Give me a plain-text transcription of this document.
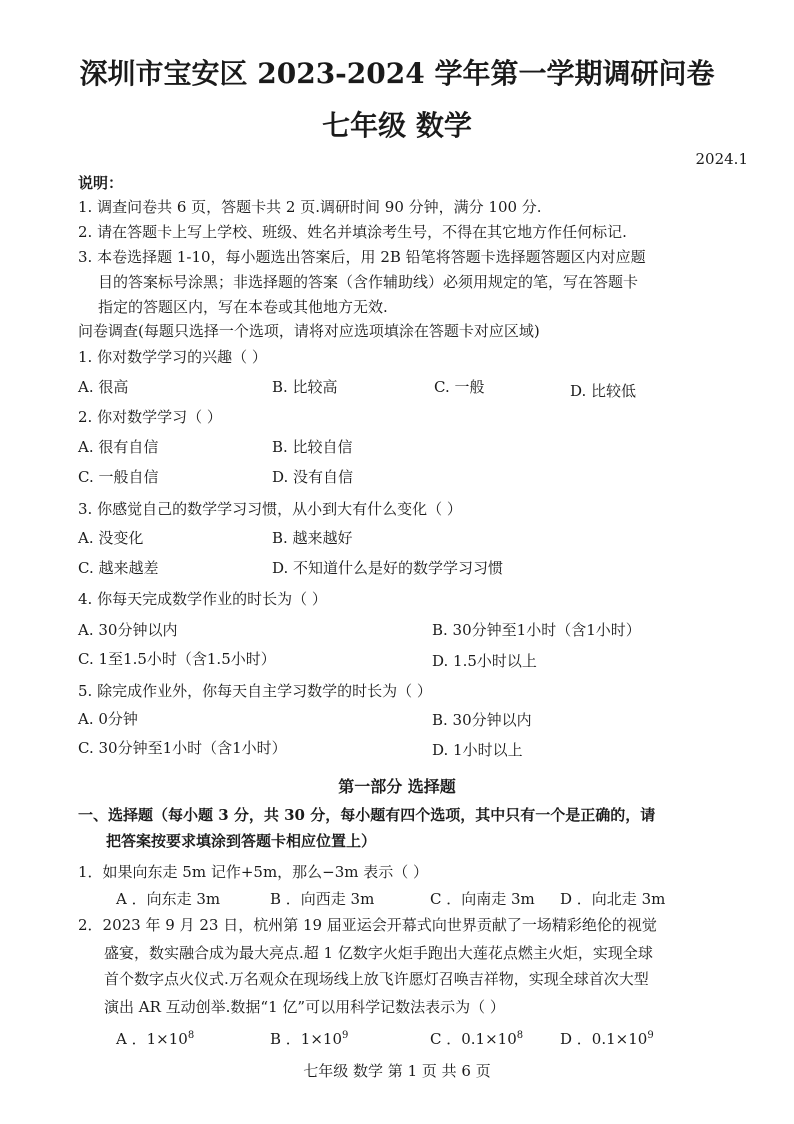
深圳市宝安区 2023-2024 学年第一学期调研问卷
七年级 数学
2024.1
说明：
1. 调查问卷共 6 页，答题卡共 2 页.调研时间 90 分钟，满分 100 分.
2. 请在答题卡上写上学校、班级、姓名并填涂考生号，不得在其它地方作任何标记.
3. 本卷选择题 1-10，每小题选出答案后，用 2B 铅笔将答题卡选择题答题区内对应题
目的答案标号涂黑；非选择题的答案（含作辅助线）必须用规定的笔，写在答题卡
指定的答题区内，写在本卷或其他地方无效.
问卷调查(每题只选择一个选项，请将对应选项填涂在答题卡对应区域)
1. 你对数学学习的兴趣（ ）
A. 很高	B. 比较高	C. 一般	D. 比较低
2. 你对数学学习（ ）
A. 很有自信	B. 比较自信
C. 一般自信	D. 没有自信
3. 你感觉自己的数学学习习惯，从小到大有什么变化（ ）
A. 没变化	B. 越来越好
C. 越来越差	D. 不知道什么是好的数学学习习惯
4. 你每天完成数学作业的时长为（ ）
A. 30分钟以内	B. 30分钟至1小时（含1小时）
C. 1至1.5小时（含1.5小时）	D. 1.5小时以上
5. 除完成作业外，你每天自主学习数学的时长为（ ）
A. 0分钟	B. 30分钟以内
C. 30分钟至1小时（含1小时）	D. 1小时以上
第一部分 选择题
一、选择题（每小题 3 分，共 30 分，每小题有四个选项，其中只有一个是正确的，请
把答案按要求填涂到答题卡相应位置上）
1．如果向东走 5m 记作+5m，那么−3m 表示（ ）
A ．向东走 3m	B ．向西走 3m	C ．向南走 3m D ．向北走 3m
2．2023 年 9 月 23 日，杭州第 19 届亚运会开幕式向世界贡献了一场精彩绝伦的视觉
盛宴，数实融合成为最大亮点.超 1 亿数字火炬手跑出大莲花点燃主火炬，实现全球
首个数字点火仪式.万名观众在现场线上放飞许愿灯召唤吉祥物，实现全球首次大型
演出 AR 互动创举.数据“1 亿”可以用科学记数法表示为（ ）
A ．$1\times 10^8$	B ．$1\times 10^9$	C ．$0.1\times 10^8$ D ．$0.1\times 10^9$
七年级 数学 第 1 页 共 6 页
